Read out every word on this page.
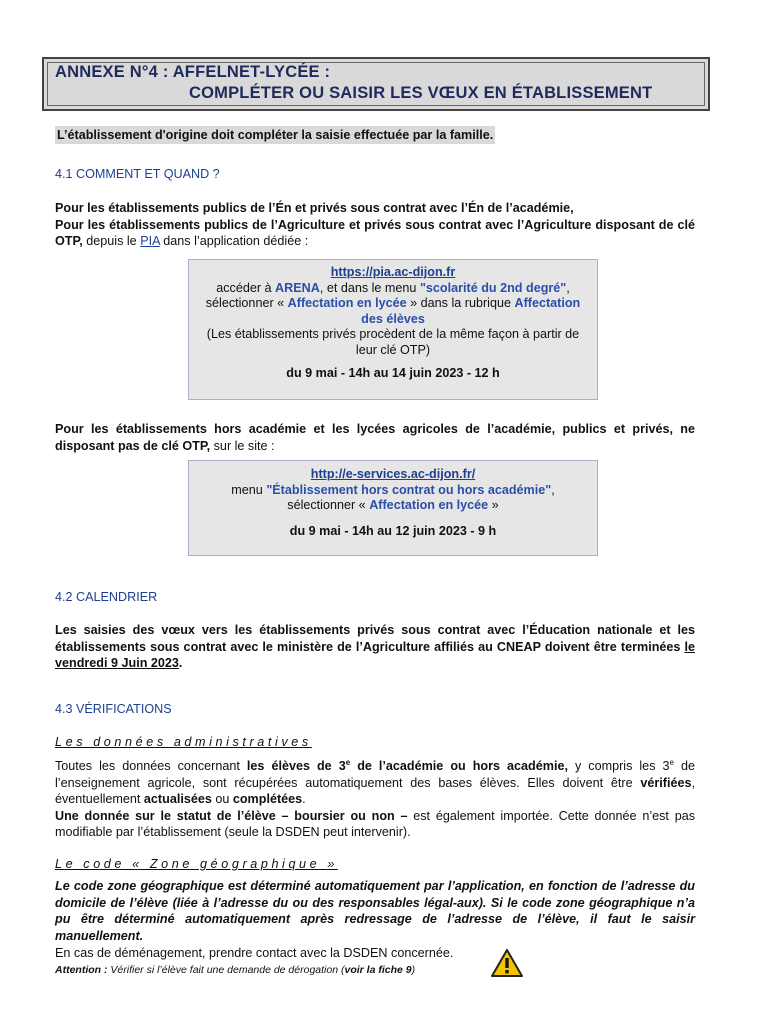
ANNEXE N°4 : AFFELNET-LYCÉE :
COMPLÉTER OU SAISIR LES VŒUX EN ÉTABLISSEMENT
L’établissement d'origine doit compléter la saisie effectuée par la famille.
4.1 COMMENT ET QUAND ?
Pour les établissements publics de l’Én et privés sous contrat avec l’Én de l’académie,
Pour les établissements publics de l’Agriculture et privés sous contrat avec l’Agriculture disposant de clé OTP, depuis le PIA dans l’application dédiée :
https://pia.ac-dijon.fr
accéder à ARENA, et dans le menu "scolarité du 2nd degré",
sélectionner « Affectation en lycée » dans la rubrique Affectation des élèves
(Les établissements privés procèdent de la même façon à partir de leur clé OTP)
du 9 mai - 14h au 14 juin 2023 - 12 h
Pour les établissements hors académie et les lycées agricoles de l’académie, publics et privés, ne disposant pas de clé OTP, sur le site :
http://e-services.ac-dijon.fr/
menu "Établissement hors contrat ou hors académie",
sélectionner « Affectation en lycée »
du 9 mai - 14h au 12 juin 2023 - 9 h
4.2 CALENDRIER
Les saisies des vœux vers les établissements privés sous contrat avec l’Éducation nationale et les établissements sous contrat avec le ministère de l’Agriculture affiliés au CNEAP doivent être terminées le vendredi 9 Juin 2023.
4.3 VÉRIFICATIONS
Les données administratives
Toutes les données concernant les élèves de 3e de l’académie ou hors académie, y compris les 3e de l’enseignement agricole, sont récupérées automatiquement des bases élèves. Elles doivent être vérifiées, éventuellement actualisées ou complétées.
Une donnée sur le statut de l’élève – boursier ou non – est également importée. Cette donnée n’est pas modifiable par l’établissement (seule la DSDEN peut intervenir).
Le code « Zone géographique »
Le code zone géographique est déterminé automatiquement par l’application, en fonction de l’adresse du domicile de l’élève (liée à l’adresse du ou des responsables légal-aux). Si le code zone géographique n’a pu être déterminé automatiquement après redressage de l’adresse de l’élève, il faut le saisir manuellement.
En cas de déménagement, prendre contact avec la DSDEN concernée.
Attention : Vérifier si l’élève fait une demande de dérogation (voir la fiche 9)
